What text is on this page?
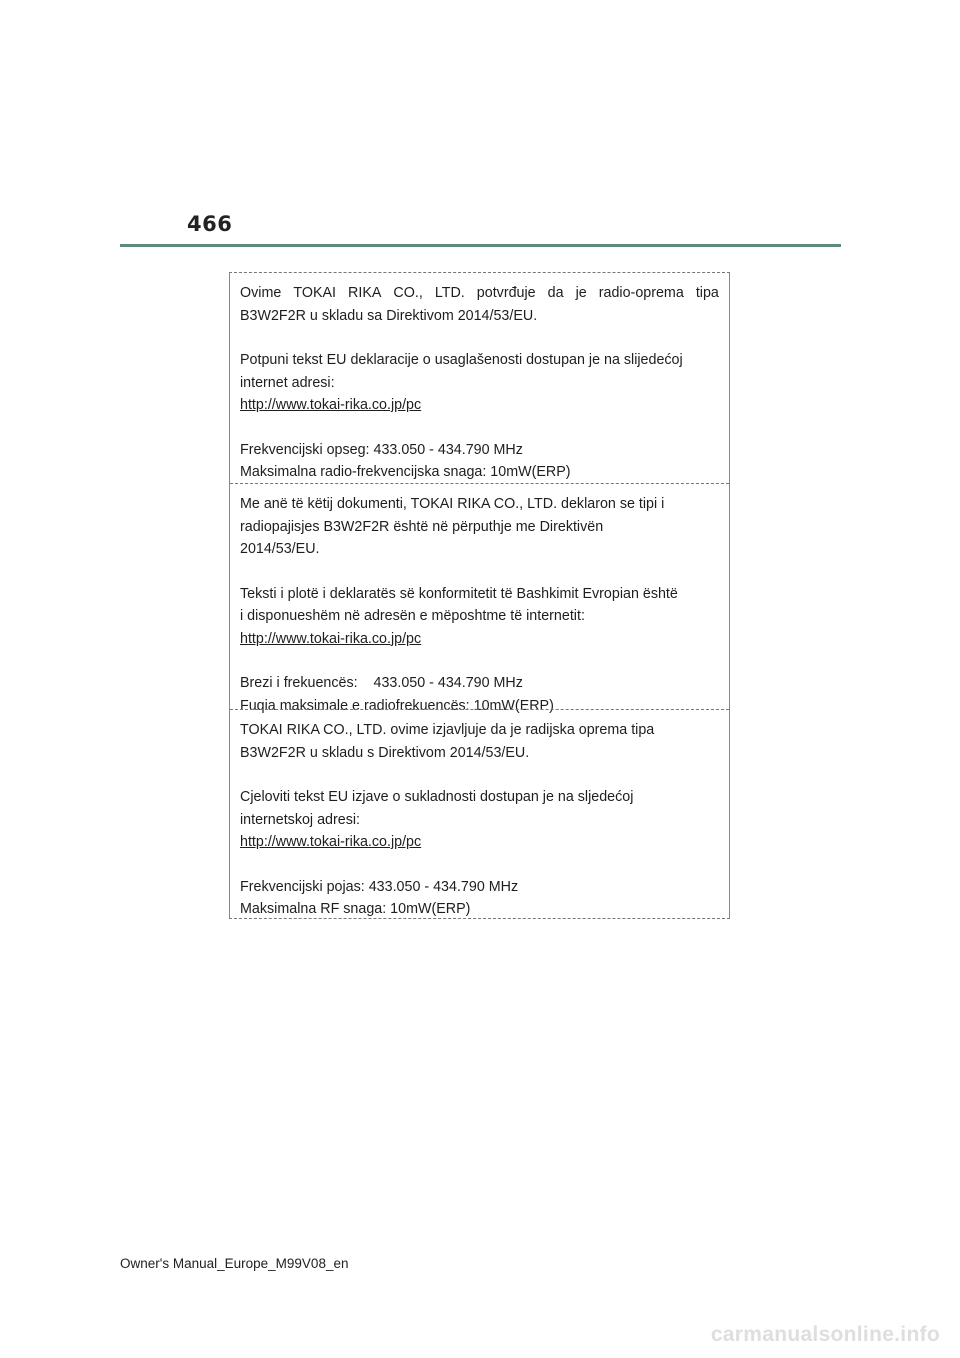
466
Ovime TOKAI RIKA CO., LTD. potvrđuje da je radio-oprema tipa
B3W2F2R u skladu sa Direktivom 2014/53/EU.
Potpuni tekst EU deklaracije o usaglašenosti dostupan je na slijedećoj
internet adresi:
http://www.tokai-rika.co.jp/pc
Frekvencijski opseg: 433.050 - 434.790 MHz
Maksimalna radio-frekvencijska snaga: 10mW(ERP)
Me anë të këtij dokumenti, TOKAI RIKA CO., LTD. deklaron se tipi i
radiopajisjes B3W2F2R është në përputhje me Direktivën
2014/53/EU.
Teksti i plotë i deklaratës së konformitetit të Bashkimit Evropian është
i disponueshëm në adresën e mëposhtme të internetit:
http://www.tokai-rika.co.jp/pc
Brezi i frekuencës:    433.050 - 434.790 MHz
Fuqia maksimale e radiofrekuencës: 10mW(ERP)
TOKAI RIKA CO., LTD. ovime izjavljuje da je radijska oprema tipa
B3W2F2R u skladu s Direktivom 2014/53/EU.
Cjeloviti tekst EU izjave o sukladnosti dostupan je na sljedećoj
internetskoj adresi:
http://www.tokai-rika.co.jp/pc
Frekvencijski pojas: 433.050 - 434.790 MHz
Maksimalna RF snaga: 10mW(ERP)
Owner's Manual_Europe_M99V08_en
carmanualsonline.info
